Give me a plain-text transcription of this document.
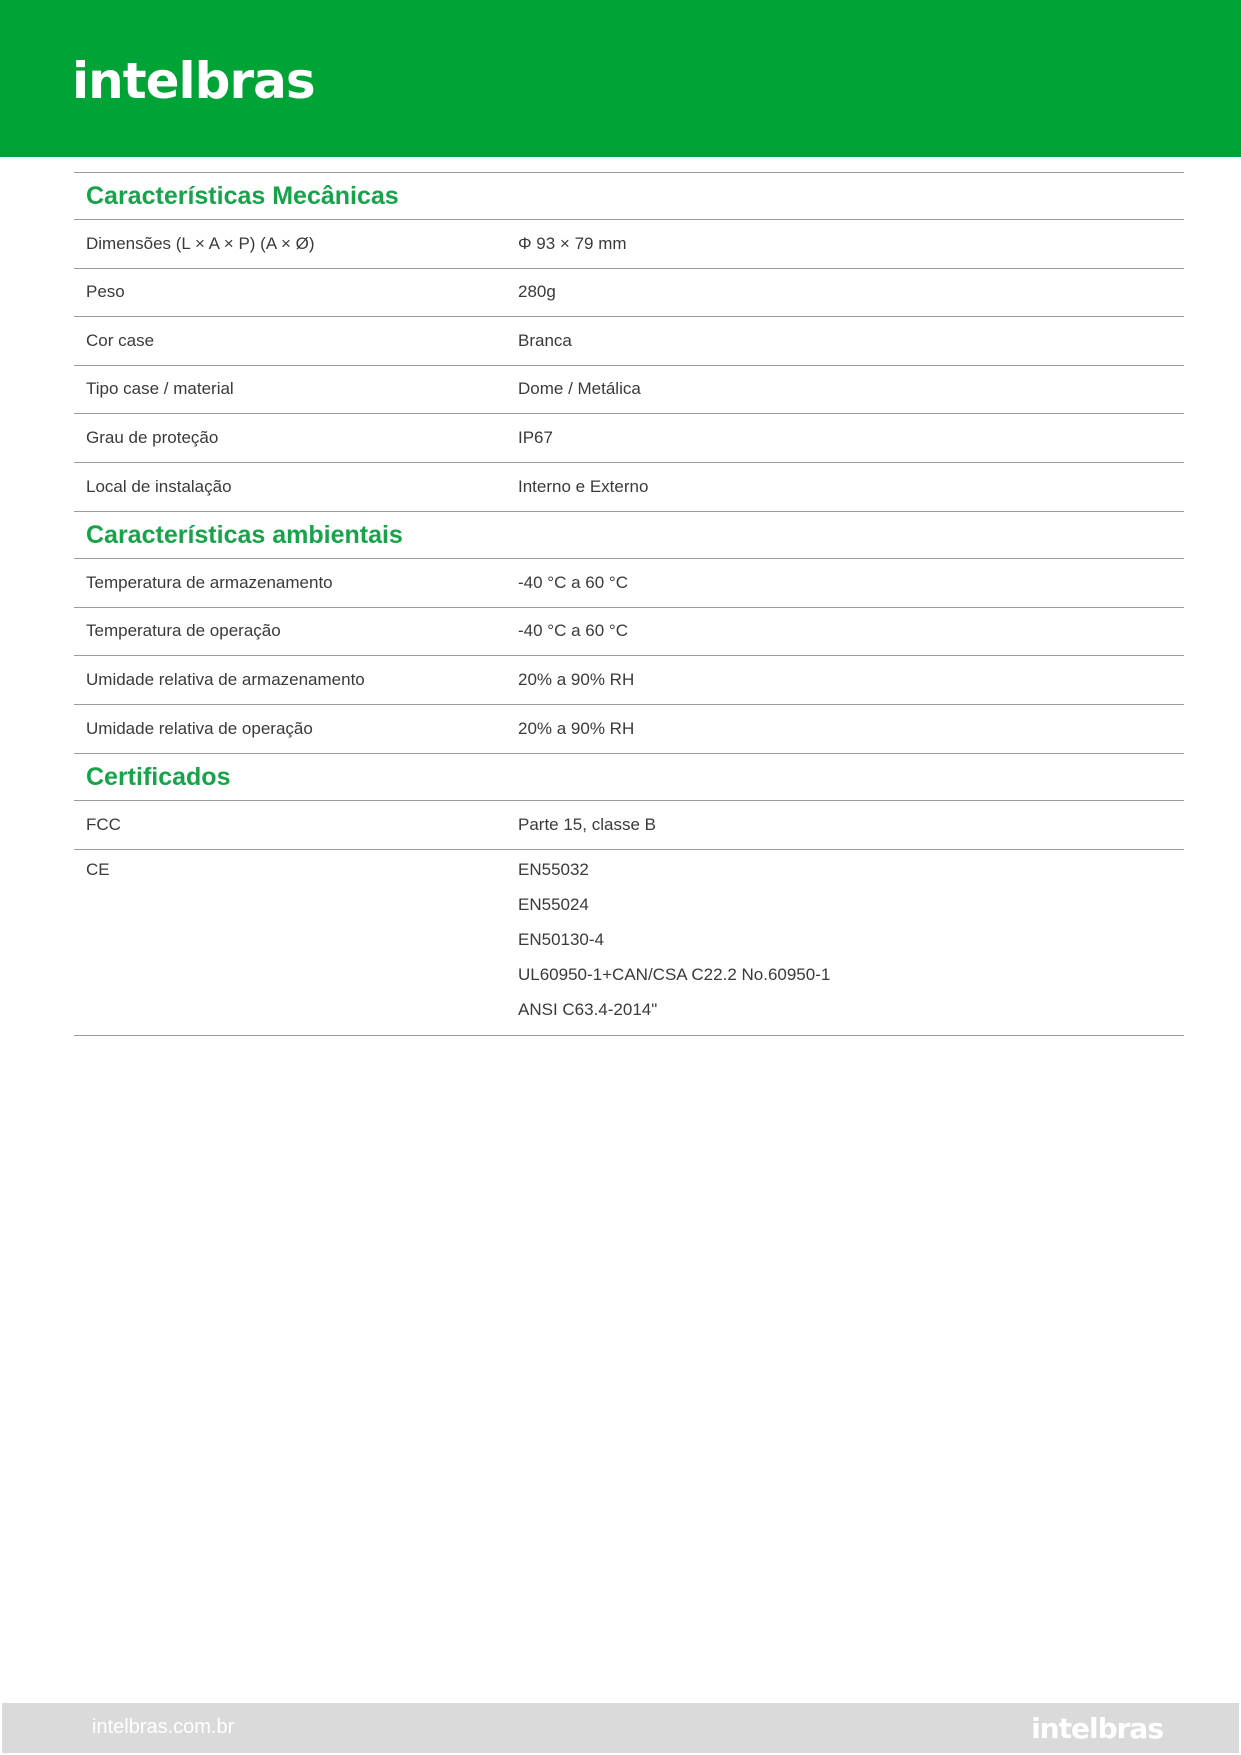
intelbras
Características Mecânicas
Dimensões (L × A × P) (A × Ø)	Φ 93 × 79 mm
Peso	280g
Cor case	Branca
Tipo case / material	Dome / Metálica
Grau de proteção	IP67
Local de instalação	Interno e Externo
Características ambientais
Temperatura de armazenamento	-40 °C a 60 °C
Temperatura de operação	-40 °C a 60 °C
Umidade relativa de armazenamento	20% a 90% RH
Umidade relativa de operação	20% a 90% RH
Certificados
FCC	Parte 15, classe B
CE	EN55032
EN55024
EN50130-4
UL60950-1+CAN/CSA C22.2 No.60950-1
ANSI C63.4-2014"
intelbras.com.br	intelbras
